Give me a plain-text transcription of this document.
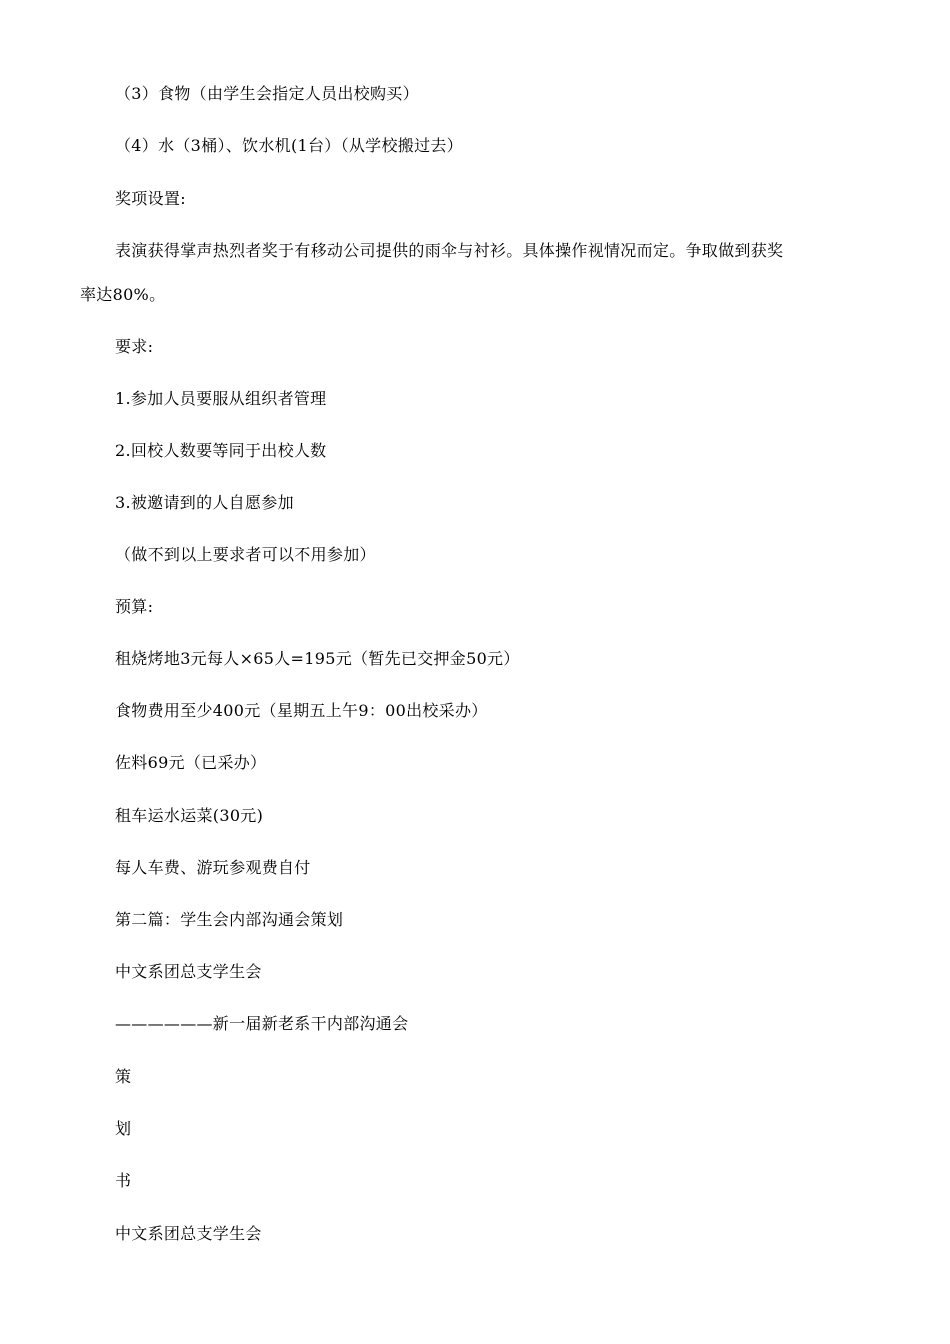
（3）食物（由学生会指定人员出校购买）
（4）水（3桶）、饮水机(1台）（从学校搬过去）
奖项设置:
表演获得掌声热烈者奖于有移动公司提供的雨伞与衬衫。具体操作视情况而定。争取做到获奖
率达80%。
要求:
1.参加人员要服从组织者管理
2.回校人数要等同于出校人数
3.被邀请到的人自愿参加
（做不到以上要求者可以不用参加）
预算:
租烧烤地3元每人×65人=195元（暂先已交押金50元）
食物费用至少400元（星期五上午9：00出校采办）
佐料69元（已采办）
租车运水运菜(30元)
每人车费、游玩参观费自付
第二篇：学生会内部沟通会策划
中文系团总支学生会
——————新一届新老系干内部沟通会
策
划
书
中文系团总支学生会
